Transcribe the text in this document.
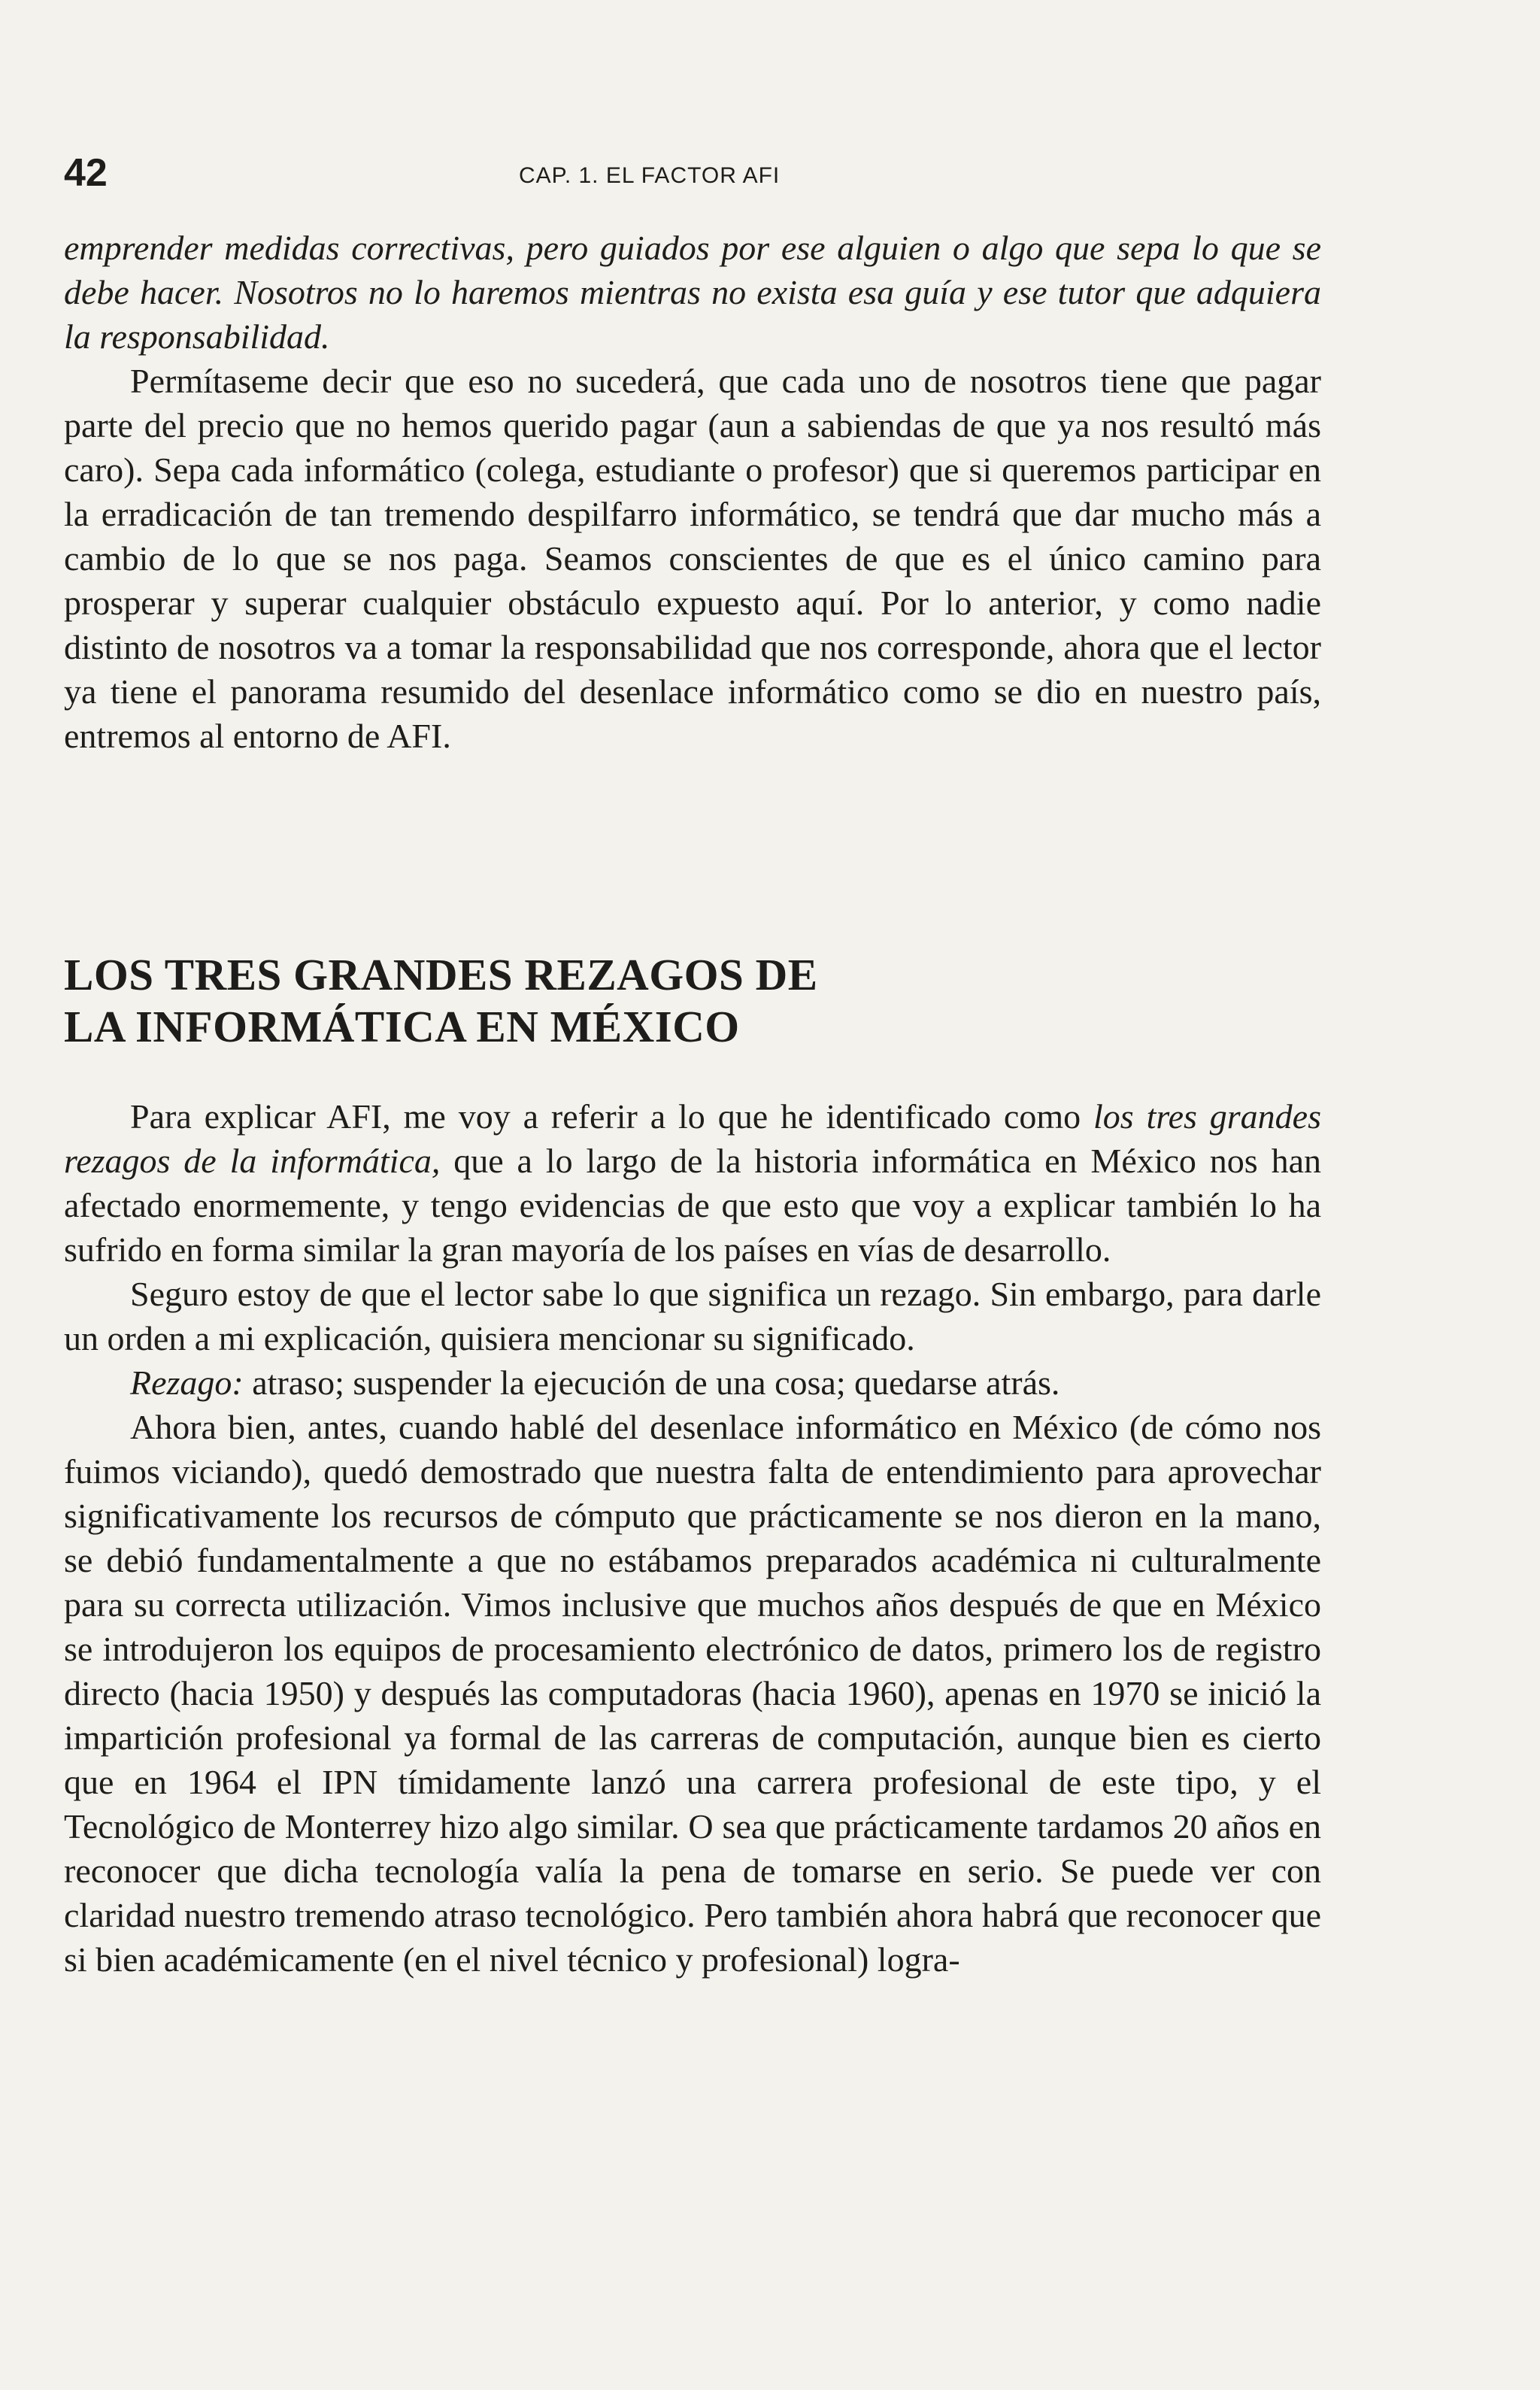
42	CAP. 1. EL FACTOR AFI

emprender medidas correctivas, pero guiados por ese alguien o algo que sepa lo que se debe hacer. Nosotros no lo haremos mientras no exista esa guía y ese tutor que adquiera la responsabilidad.

Permítaseme decir que eso no sucederá, que cada uno de nosotros tiene que pagar parte del precio que no hemos querido pagar (aun a sabiendas de que ya nos resultó más caro). Sepa cada informático (colega, estudiante o profesor) que si queremos participar en la erradicación de tan tremendo despilfarro informático, se tendrá que dar mucho más a cambio de lo que se nos paga. Seamos conscientes de que es el único camino para prosperar y superar cualquier obstáculo expuesto aquí. Por lo anterior, y como nadie distinto de nosotros va a tomar la responsabilidad que nos corresponde, ahora que el lector ya tiene el panorama resumido del desenlace informático como se dio en nuestro país, entremos al entorno de AFI.

LOS TRES GRANDES REZAGOS DE
LA INFORMÁTICA EN MÉXICO

Para explicar AFI, me voy a referir a lo que he identificado como los tres grandes rezagos de la informática, que a lo largo de la historia informática en México nos han afectado enormemente, y tengo evidencias de que esto que voy a explicar también lo ha sufrido en forma similar la gran mayoría de los países en vías de desarrollo.

Seguro estoy de que el lector sabe lo que significa un rezago. Sin embargo, para darle un orden a mi explicación, quisiera mencionar su significado.

Rezago: atraso; suspender la ejecución de una cosa; quedarse atrás.

Ahora bien, antes, cuando hablé del desenlace informático en México (de cómo nos fuimos viciando), quedó demostrado que nuestra falta de entendimiento para aprovechar significativamente los recursos de cómputo que prácticamente se nos dieron en la mano, se debió fundamentalmente a que no estábamos preparados académica ni culturalmente para su correcta utilización. Vimos inclusive que muchos años después de que en México se introdujeron los equipos de procesamiento electrónico de datos, primero los de registro directo (hacia 1950) y después las computadoras (hacia 1960), apenas en 1970 se inició la impartición profesional ya formal de las carreras de computación, aunque bien es cierto que en 1964 el IPN tímidamente lanzó una carrera profesional de este tipo, y el Tecnológico de Monterrey hizo algo similar. O sea que prácticamente tardamos 20 años en reconocer que dicha tecnología valía la pena de tomarse en serio. Se puede ver con claridad nuestro tremendo atraso tecnológico. Pero también ahora habrá que reconocer que si bien académicamente (en el nivel técnico y profesional) logra-
